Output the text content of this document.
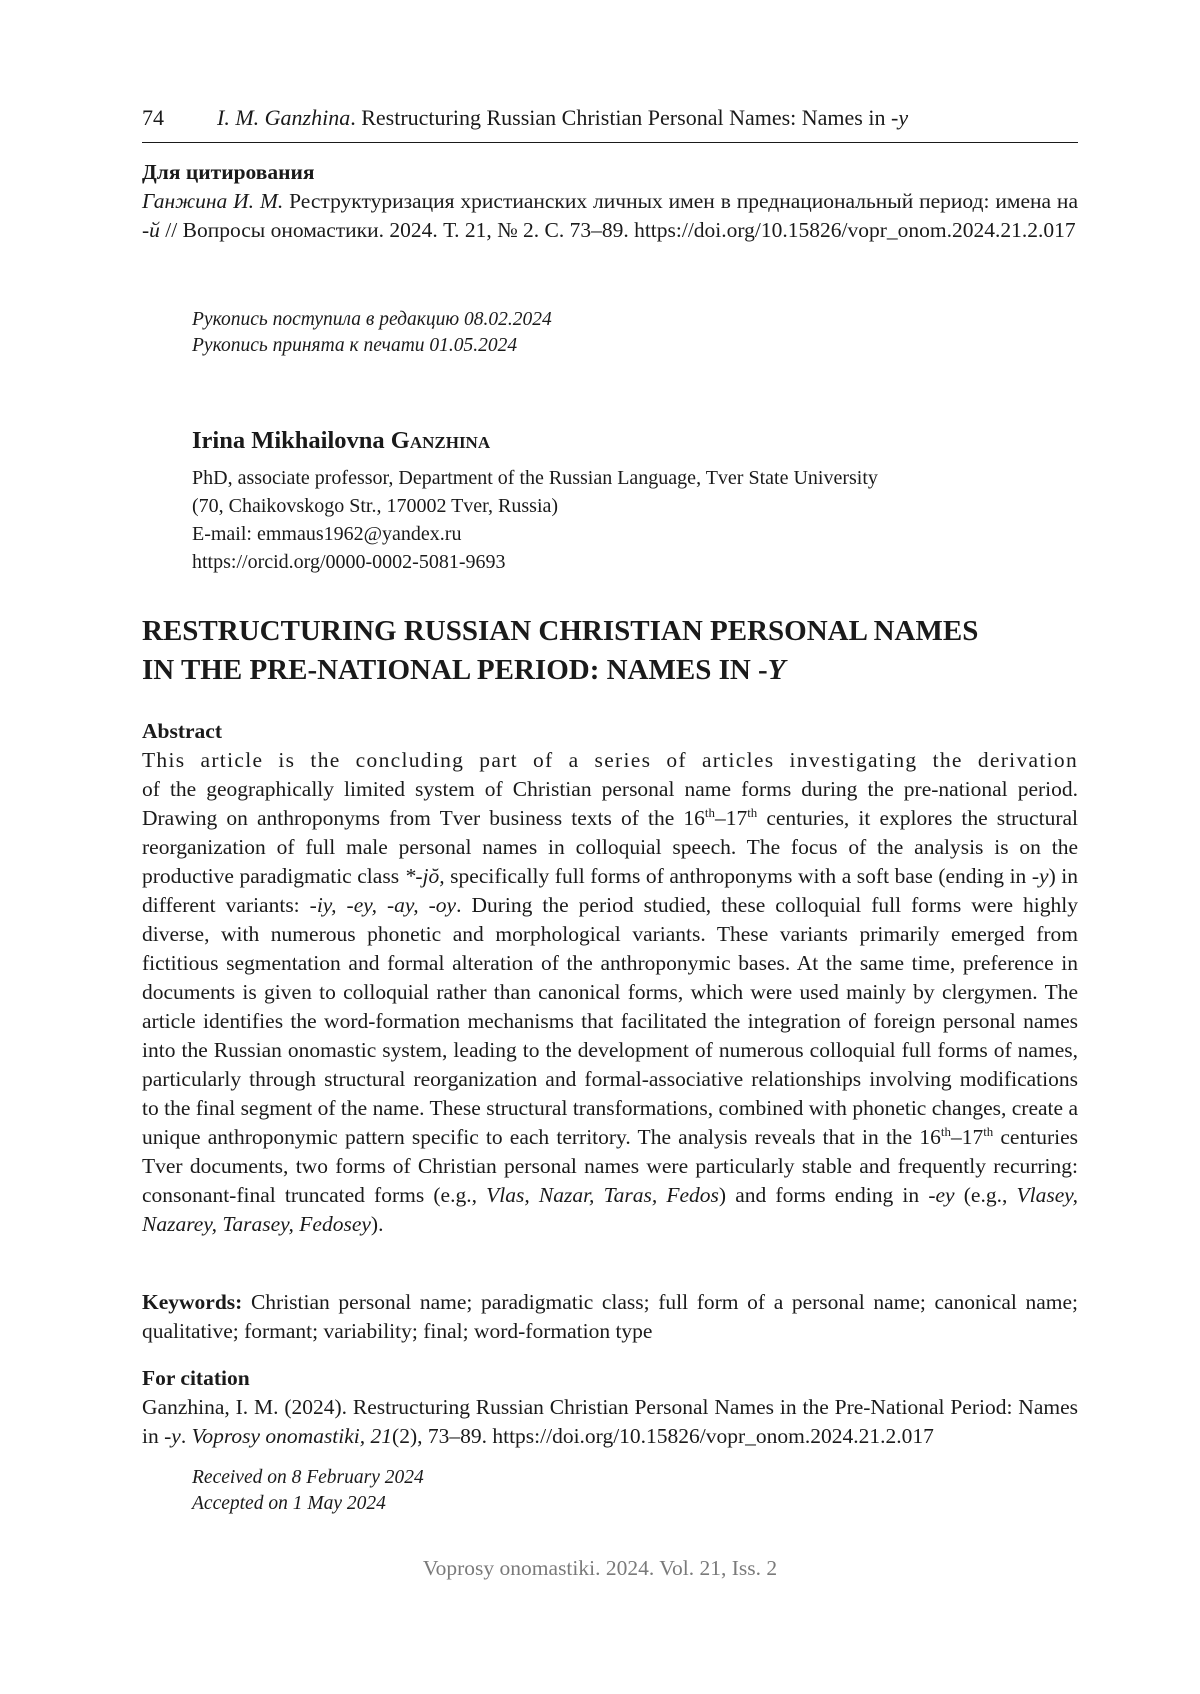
74 I. M. Ganzhina. Restructuring Russian Christian Personal Names: Names in -y
Для цитирования
Ганжина И. М. Реструктуризация христианских личных имен в преднациональный период: имена на -й // Вопросы ономастики. 2024. Т. 21, № 2. С. 73–89. https://doi.org/10.15826/vopr_onom.2024.21.2.017
Рукопись поступила в редакцию 08.02.2024
Рукопись принята к печати 01.05.2024
Irina Mikhailovna Ganzhina
PhD, associate professor, Department of the Russian Language, Tver State University
(70, Chaikovskogo Str., 170002 Tver, Russia)
E-mail: emmaus1962@yandex.ru
https://orcid.org/0000-0002-5081-9693
RESTRUCTURING RUSSIAN CHRISTIAN PERSONAL NAMES
IN THE PRE-NATIONAL PERIOD: NAMES IN -Y
Abstract
This article is the concluding part of a series of articles investigating the derivation
of the geographically limited system of Christian personal name forms during the pre-national period. Drawing on anthroponyms from Tver business texts of the 16th–17th centuries, it explores the structural reorganization of full male personal names in colloquial speech. The focus of the analysis is on the productive paradigmatic class *-jŏ, specifically full forms of anthroponyms with a soft base (ending in -y) in different variants: -iy, -ey, -ay, -oy. During the period studied, these colloquial full forms were highly diverse, with numerous phonetic and morphological variants. These variants primarily emerged from fictitious segmentation and formal alteration of the anthroponymic bases. At the same time, preference in documents is given to colloquial rather than canonical forms, which were used mainly by clergymen. The article identifies the word-formation mechanisms that facilitated the integration of foreign personal names into the Russian onomastic system, leading to the development of numerous colloquial full forms of names, particularly through structural reorganization and formal-associative relationships involving modifications to the final segment of the name. These structural transformations, combined with phonetic changes, create a unique anthroponymic pattern specific to each territory. The analysis reveals that in the 16th–17th centuries Tver documents, two forms of Christian personal names were particularly stable and frequently recurring: consonant-final truncated forms (e.g., Vlas, Nazar, Taras, Fedos) and forms ending in -ey (e.g., Vlasey, Nazarey, Tarasey, Fedosey).
Keywords: Christian personal name; paradigmatic class; full form of a personal name; canonical name; qualitative; formant; variability; final; word-formation type
For citation
Ganzhina, I. M. (2024). Restructuring Russian Christian Personal Names in the Pre-National Period: Names in -y. Voprosy onomastiki, 21(2), 73–89. https://doi.org/10.15826/vopr_onom.2024.21.2.017
Received on 8 February 2024
Accepted on 1 May 2024
Voprosy onomastiki. 2024. Vol. 21, Iss. 2
